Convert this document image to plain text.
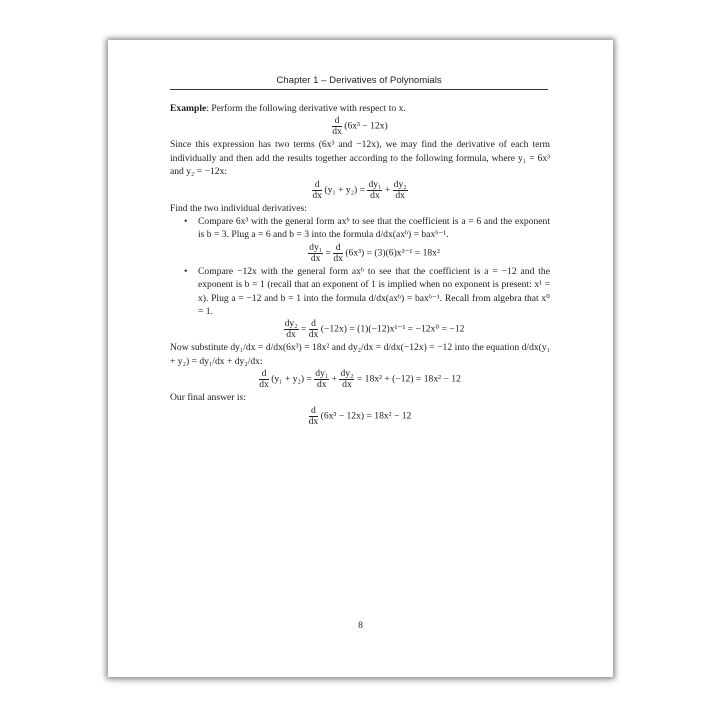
Chapter 1 – Derivatives of Polynomials

Example: Perform the following derivative with respect to x.

$\frac{d}{dx} (6x^3 - 12x)$

Since this expression has two terms (6x³ and −12x), we may find the derivative of each term individually and then add the results together according to the following formula, where y₁ = 6x³ and y₂ = −12x:

$\frac{d}{dx} (y_1 + y_2) = \frac{\text{dy₁}}{dx} + \frac{\text{dy₂}}{dx}$

Find the two individual derivatives:

• Compare 6x³ with the general form axᵇ to see that the coefficient is a = 6 and the exponent is b = 3. Plug a = 6 and b = 3 into the formula d/dx(axᵇ) = baxᵇ⁻¹.
$\frac{\text{dy₁}}{dx} = \frac{d}{dx} (6x^3) = (3)(6)x^{3-1} = 18x^2$
• Compare −12x with the general form axᵇ to see that the coefficient is a = −12 and the exponent is b = 1 (recall that an exponent of 1 is implied when no exponent is present: x¹ = x). Plug a = −12 and b = 1 into the formula d/dx(axᵇ) = baxᵇ⁻¹. Recall from algebra that x⁰ = 1.
$\frac{\text{dy₂}}{dx} = \frac{d}{dx} (-12x) = (1)(-12)x^{1-1} = -12x^0 = -12$

Now substitute dy₁/dx = d/dx(6x³) = 18x² and dy₂/dx = d/dx(−12x) = −12 into the equation d/dx(y₁ + y₂) = dy₁/dx + dy₂/dx:

$\frac{d}{dx} (y_1 + y_2) = \frac{\text{dy₁}}{dx} + \frac{\text{dy₂}}{dx} = 18x^2 + (-12) = 18x^2 - 12$

Our final answer is:

$\frac{d}{dx} (6x^3 - 12x) = 18x^2 - 12$
8
